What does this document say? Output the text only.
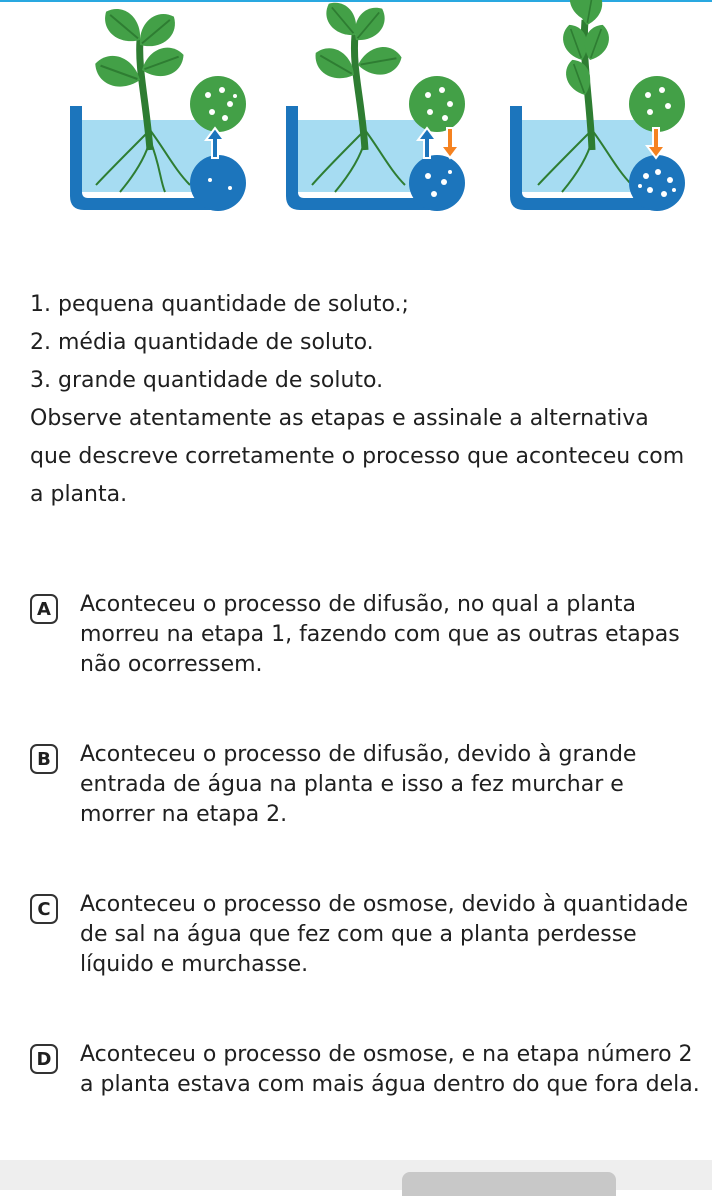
1. pequena quantidade de soluto.;
2. média quantidade de soluto.
3. grande quantidade de soluto.
Observe atentamente as etapas e assinale a alternativa que descreve corretamente o processo que aconteceu com a planta.
A	Aconteceu o processo de difusão, no qual a planta morreu na etapa 1, fazendo com que as outras etapas não ocorressem.
B	Aconteceu o processo de difusão, devido à grande entrada de água na planta e isso a fez murchar e morrer na etapa 2.
C	Aconteceu o processo de osmose, devido à quantidade de sal na água que fez com que a planta perdesse líquido e murchasse.
D Aconteceu o processo de osmose, e na etapa número 2 a planta estava com mais água dentro do que fora dela.
